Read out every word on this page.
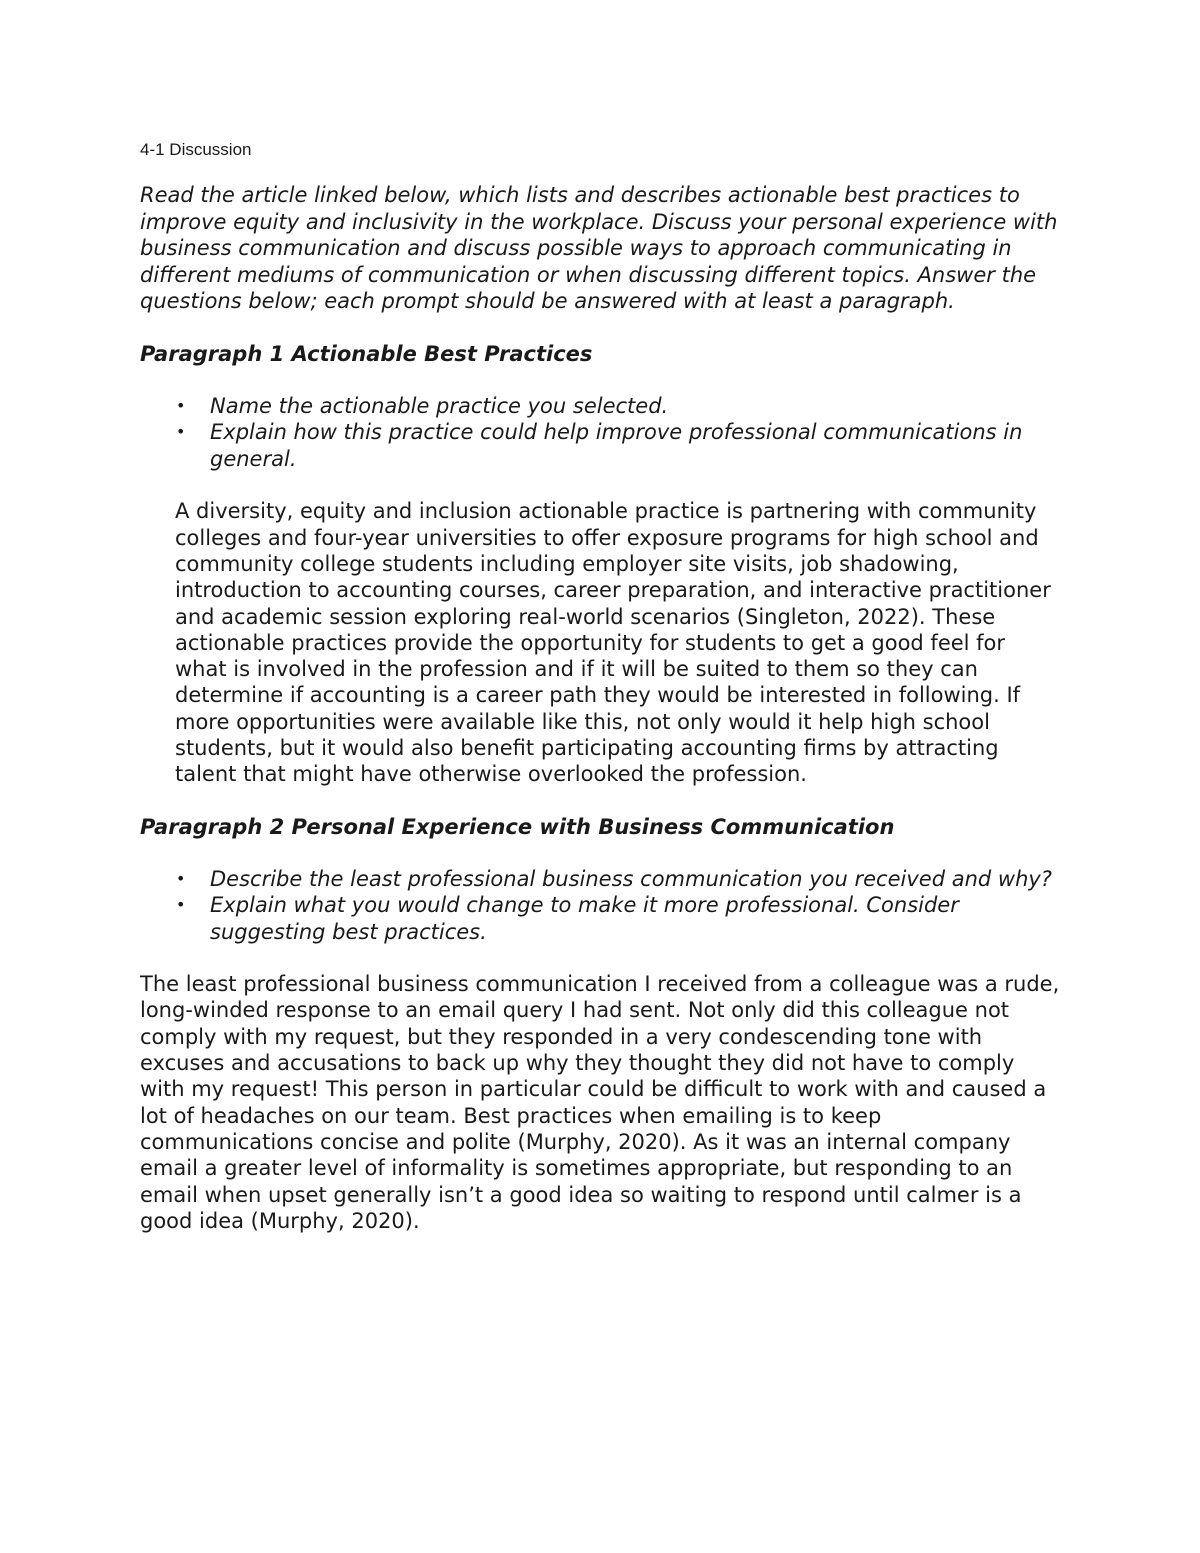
4-1 Discussion

Read the article linked below, which lists and describes actionable best practices to improve equity and inclusivity in the workplace. Discuss your personal experience with business communication and discuss possible ways to approach communicating in different mediums of communication or when discussing different topics. Answer the questions below; each prompt should be answered with at least a paragraph.

Paragraph 1 Actionable Best Practices
• Name the actionable practice you selected.
• Explain how this practice could help improve professional communications in general.

A diversity, equity and inclusion actionable practice is partnering with community colleges and four-year universities to offer exposure programs for high school and community college students including employer site visits, job shadowing, introduction to accounting courses, career preparation, and interactive practitioner and academic session exploring real-world scenarios (Singleton, 2022). These actionable practices provide the opportunity for students to get a good feel for what is involved in the profession and if it will be suited to them so they can determine if accounting is a career path they would be interested in following. If more opportunities were available like this, not only would it help high school students, but it would also benefit participating accounting firms by attracting talent that might have otherwise overlooked the profession.

Paragraph 2 Personal Experience with Business Communication
• Describe the least professional business communication you received and why?
• Explain what you would change to make it more professional. Consider suggesting best practices.

The least professional business communication I received from a colleague was a rude, long-winded response to an email query I had sent. Not only did this colleague not comply with my request, but they responded in a very condescending tone with excuses and accusations to back up why they thought they did not have to comply with my request! This person in particular could be difficult to work with and caused a lot of headaches on our team. Best practices when emailing is to keep communications concise and polite (Murphy, 2020). As it was an internal company email a greater level of informality is sometimes appropriate, but responding to an email when upset generally isn’t a good idea so waiting to respond until calmer is a good idea (Murphy, 2020).
